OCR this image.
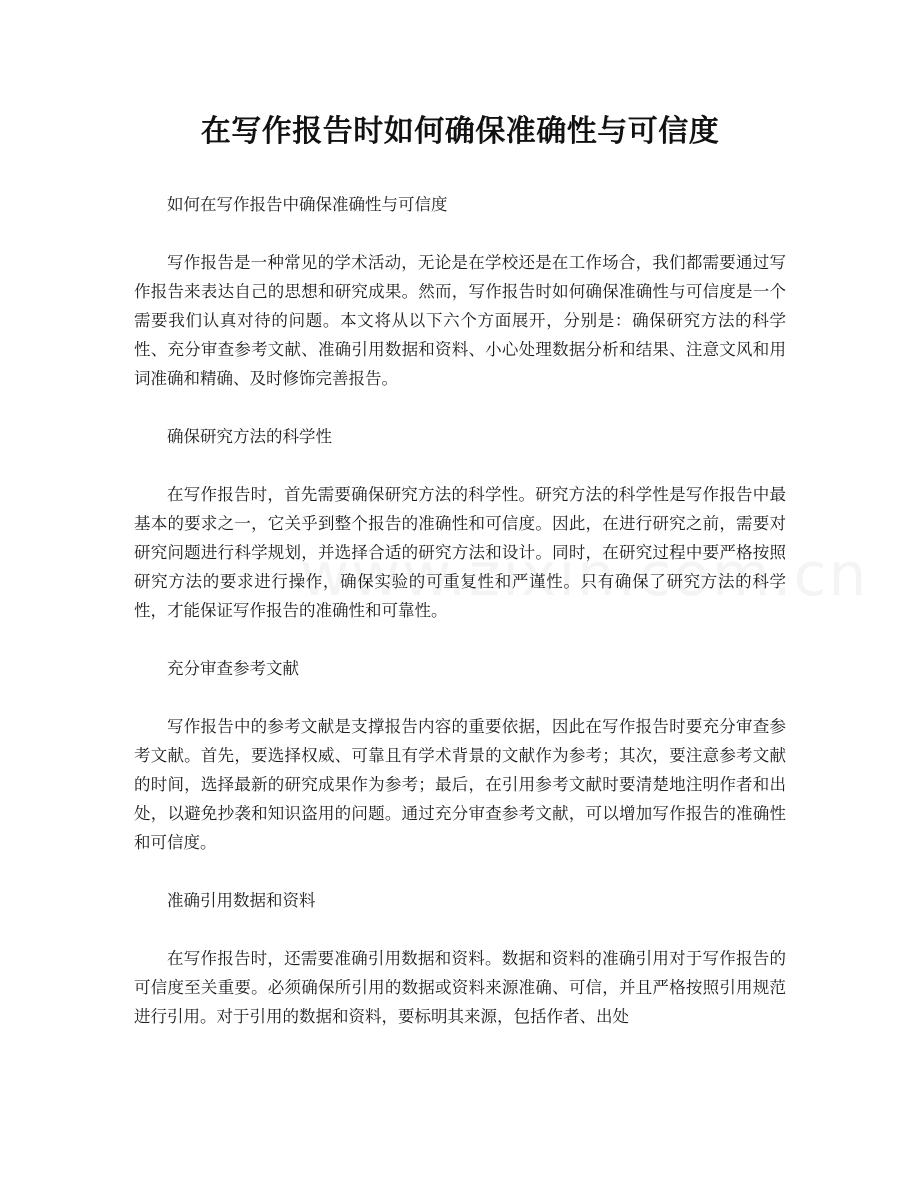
在写作报告时如何确保准确性与可信度

如何在写作报告中确保准确性与可信度

写作报告是一种常见的学术活动，无论是在学校还是在工作场合，我们都需要通过写作报告来表达自己的思想和研究成果。然而，写作报告时如何确保准确性与可信度是一个需要我们认真对待的问题。本文将从以下六个方面展开，分别是：确保研究方法的科学性、充分审查参考文献、准确引用数据和资料、小心处理数据分析和结果、注意文风和用词准确和精确、及时修饰完善报告。

确保研究方法的科学性

在写作报告时，首先需要确保研究方法的科学性。研究方法的科学性是写作报告中最基本的要求之一，它关乎到整个报告的准确性和可信度。因此，在进行研究之前，需要对研究问题进行科学规划，并选择合适的研究方法和设计。同时，在研究过程中要严格按照研究方法的要求进行操作，确保实验的可重复性和严谨性。只有确保了研究方法的科学性，才能保证写作报告的准确性和可靠性。

充分审查参考文献

写作报告中的参考文献是支撑报告内容的重要依据，因此在写作报告时要充分审查参考文献。首先，要选择权威、可靠且有学术背景的文献作为参考；其次，要注意参考文献的时间，选择最新的研究成果作为参考；最后，在引用参考文献时要清楚地注明作者和出处，以避免抄袭和知识盗用的问题。通过充分审查参考文献，可以增加写作报告的准确性和可信度。

准确引用数据和资料

在写作报告时，还需要准确引用数据和资料。数据和资料的准确引用对于写作报告的可信度至关重要。必须确保所引用的数据或资料来源准确、可信，并且严格按照引用规范进行引用。对于引用的数据和资料，要标明其来源，包括作者、出处
